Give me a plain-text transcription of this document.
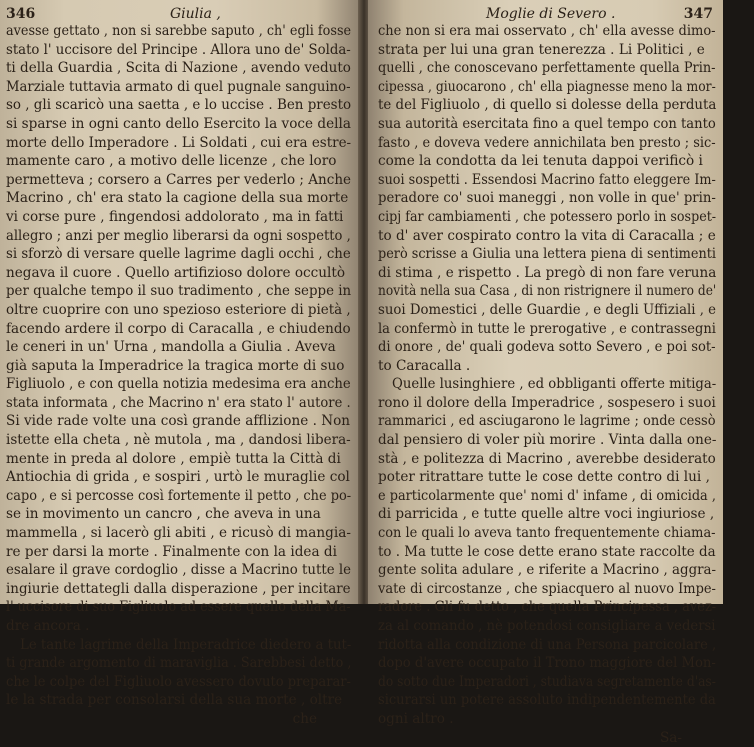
346	Giulia ,
avesse gettato , non si sarebbe saputo , ch' egli fosse
stato l' uccisore del Principe . Allora uno de' Solda-
ti della Guardia , Scita di Nazione , avendo veduto
Marziale tuttavia armato di quel pugnale sanguino-
so , gli scaricò una saetta , e lo uccise . Ben presto
si sparse in ogni canto dello Esercito la voce della
morte dello Imperadore . Li Soldati , cui era estre-
mamente caro , a motivo delle licenze , che loro
permetteva ; corsero a Carres per vederlo ; Anche
Macrino , ch' era stato la cagione della sua morte
vi corse pure , fingendosi addolorato , ma in fatti
allegro ; anzi per meglio liberarsi da ogni sospetto ,
si sforzò di versare quelle lagrime dagli occhi , che
negava il cuore . Quello artifizioso dolore occultò
per qualche tempo il suo tradimento , che seppe in
oltre cuoprire con uno spezioso esteriore di pietà ,
facendo ardere il corpo di Caracalla , e chiudendo
le ceneri in un' Urna , mandolla a Giulia . Aveva
già saputa la Imperadrice la tragica morte di suo
Figliuolo , e con quella notizia medesima era anche
stata informata , che Macrino n' era stato l' autore .
Si vide rade volte una così grande afflizione . Non
istette ella cheta , nè mutola , ma , dandosi libera-
mente in preda al dolore , empiè tutta la Città di
Antiochia di grida , e sospiri , urtò le muraglie col
capo , e si percosse così fortemente il petto , che po-
se in movimento un cancro , che aveva in una
mammella , si lacerò gli abiti , e ricusò di mangia-
re per darsi la morte . Finalmente con la idea di
esalare il grave cordoglio , disse a Macrino tutte le
ingiurie dettategli dalla disperazione , per incitare
l' uccisore di suo Figliuolo ad essere quello della Ma-
dre ancora .
Le tante lagrime della Imperadrice diedero a tut-
ti grande argomento di maraviglia . Sarebbesi detto ,
che le colpe del Figliuolo avessero dovuto preparar-
le la strada per consolarsi della sua morte , oltre
che
Moglie di Severo .	347
che non si era mai osservato , ch' ella avesse dimo-
strata per lui una gran tenerezza . Li Politici , e
quelli , che conoscevano perfettamente quella Prin-
cipessa , giuocarono , ch' ella piagnesse meno la mor-
te del Figliuolo , di quello si dolesse della perduta
sua autorità esercitata fino a quel tempo con tanto
fasto , e doveva vedere annichilata ben presto ; sic-
come la condotta da lei tenuta dappoi verificò i
suoi sospetti . Essendosi Macrino fatto eleggere Im-
peradore co' suoi maneggi , non volle in que' prin-
cipj far cambiamenti , che potessero porlo in sospet-
to d' aver cospirato contro la vita di Caracalla ; e
però scrisse a Giulia una lettera piena di sentimenti
di stima , e rispetto . La pregò di non fare veruna
novità nella sua Casa , di non ristrignere il numero de'
suoi Domestici , delle Guardie , e degli Uffiziali , e
la confermò in tutte le prerogative , e contrassegni
di onore , de' quali godeva sotto Severo , e poi sot-
to Caracalla .
Quelle lusinghiere , ed obbliganti offerte mitiga-
rono il dolore della Imperadrice , sospesero i suoi
rammarici , ed asciugarono le lagrime ; onde cessò
dal pensiero di voler più morire . Vinta dalla one-
stà , e politezza di Macrino , averebbe desiderato
poter ritrattare tutte le cose dette contro di lui ,
e particolarmente que' nomi d' infame , di omicida ,
di parricida , e tutte quelle altre voci ingiuriose ,
con le quali lo aveva tanto frequentemente chiama-
to . Ma tutte le cose dette erano state raccolte da
gente solita adulare , e riferite a Macrino , aggra-
vate di circostanze , che spiacquero al nuovo Impe-
radore . Gli fu detto , che quella Principessa , avez-
za al comando , nè potendosi consigliare a vedersi
ridotta alla condizione di una Persona parcicolare ,
dopo d'avere occupato il Trono maggiore del Mon-
do sotto due Imperadori , studiava segretamente d'as-
sicurarsi un potere assoluto indipendentemente da
ogni altro .
Sa-
